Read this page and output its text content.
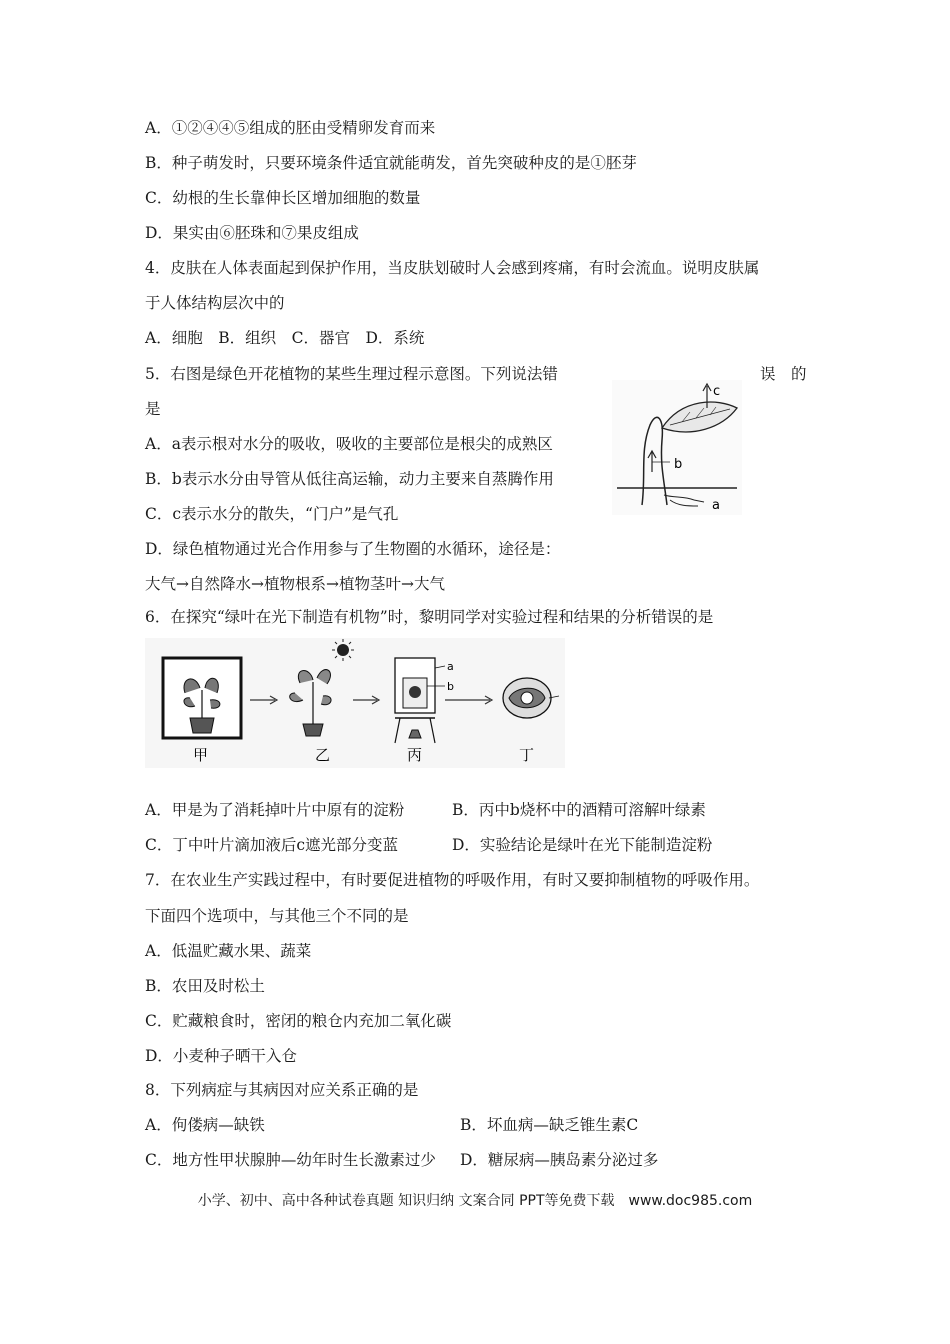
A．①②④④⑤组成的胚由受精卵发育而来
B．种子萌发时，只要环境条件适宜就能萌发，首先突破种皮的是①胚芽
C．幼根的生长靠伸长区增加细胞的数量
D．果实由⑥胚珠和⑦果皮组成
4．皮肤在人体表面起到保护作用，当皮肤划破时人会感到疼痛，有时会流血。说明皮肤属
于人体结构层次中的
A．细胞　B．组织　C．器官　D．系统
5．右图是绿色开花植物的某些生理过程示意图。下列说法错	误　的
是
A．a表示根对水分的吸收，吸收的主要部位是根尖的成熟区
B．b表示水分由导管从低往高运输，动力主要来自蒸腾作用
C．c表示水分的散失，“门户”是气孔
D．绿色植物通过光合作用参与了生物圈的水循环，途径是：
大气→自然降水→植物根系→植物茎叶→大气
c
b
a
6．在探究“绿叶在光下制造有机物”时，黎明同学对实验过程和结果的分析错误的是
甲	乙
a
b
丙	丁
A．甲是为了消耗掉叶片中原有的淀粉	B．丙中b烧杯中的酒精可溶解叶绿素
C．丁中叶片滴加液后c遮光部分变蓝	D．实验结论是绿叶在光下能制造淀粉
7．在农业生产实践过程中，有时要促进植物的呼吸作用，有时又要抑制植物的呼吸作用。
下面四个选项中，与其他三个不同的是
A．低温贮藏水果、蔬菜
B．农田及时松土
C．贮藏粮食时，密闭的粮仓内充加二氧化碳
D．小麦种子晒干入仓
8．下列病症与其病因对应关系正确的是
A．佝偻病—缺铁	B．坏血病—缺乏锥生素C
C．地方性甲状腺肿—幼年时生长激素过少 D．糖尿病—胰岛素分泌过多
小学、初中、高中各种试卷真题 知识归纳 文案合同 PPT等免费下载　www.doc985.com
